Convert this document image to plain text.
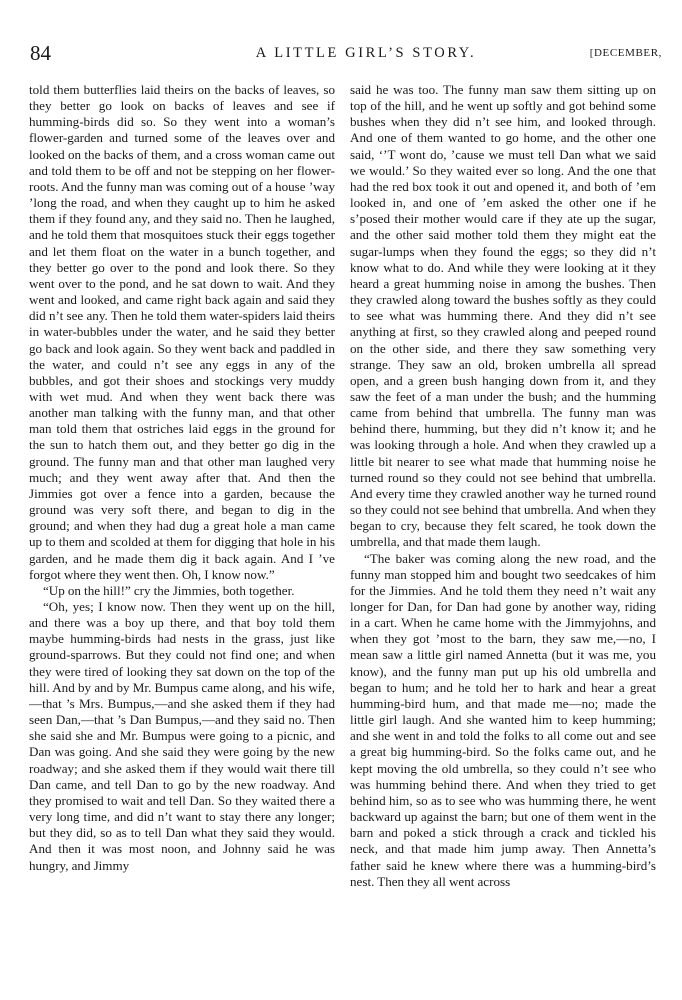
84	A LITTLE GIRL’S STORY.	[DECEMBER,

told them butterflies laid theirs on the backs of leaves, so they better go look on backs of leaves and see if humming-birds did so. So they went into a woman’s flower-garden and turned some of the leaves over and looked on the backs of them, and a cross woman came out and told them to be off and not be stepping on her flower-roots. And the funny man was coming out of a house ’way ’long the road, and when they caught up to him he asked them if they found any, and they said no. Then he laughed, and he told them that mosquitoes stuck their eggs together and let them float on the water in a bunch together, and they better go over to the pond and look there. So they went over to the pond, and he sat down to wait. And they went and looked, and came right back again and said they did n’t see any. Then he told them water-spiders laid theirs in water-bubbles under the water, and he said they better go back and look again. So they went back and paddled in the water, and could n’t see any eggs in any of the bubbles, and got their shoes and stockings very muddy with wet mud. And when they went back there was another man talking with the funny man, and that other man told them that ostriches laid eggs in the ground for the sun to hatch them out, and they better go dig in the ground. The funny man and that other man laughed very much; and they went away after that. And then the Jimmies got over a fence into a garden, because the ground was very soft there, and began to dig in the ground; and when they had dug a great hole a man came up to them and scolded at them for digging that hole in his garden, and he made them dig it back again. And I ’ve forgot where they went then. Oh, I know now.”

“Up on the hill!” cry the Jimmies, both together.

“Oh, yes; I know now. Then they went up on the hill, and there was a boy up there, and that boy told them maybe humming-birds had nests in the grass, just like ground-sparrows. But they could not find one; and when they were tired of looking they sat down on the top of the hill. And by and by Mr. Bumpus came along, and his wife,—that ’s Mrs. Bumpus,—and she asked them if they had seen Dan,—that ’s Dan Bumpus,—and they said no. Then she said she and Mr. Bumpus were going to a picnic, and Dan was going. And she said they were going by the new roadway; and she asked them if they would wait there till Dan came, and tell Dan to go by the new roadway. And they promised to wait and tell Dan. So they waited there a very long time, and did n’t want to stay there any longer; but they did, so as to tell Dan what they said they would. And then it was most noon, and Johnny said he was hungry, and Jimmy

said he was too. The funny man saw them sitting up on top of the hill, and he went up softly and got behind some bushes when they did n’t see him, and looked through. And one of them wanted to go home, and the other one said, ‘’T wont do, ’cause we must tell Dan what we said we would.’ So they waited ever so long. And the one that had the red box took it out and opened it, and both of ’em looked in, and one of ’em asked the other one if he s’posed their mother would care if they ate up the sugar, and the other said mother told them they might eat the sugar-lumps when they found the eggs; so they did n’t know what to do. And while they were looking at it they heard a great humming noise in among the bushes. Then they crawled along toward the bushes softly as they could to see what was humming there. And they did n’t see anything at first, so they crawled along and peeped round on the other side, and there they saw something very strange. They saw an old, broken umbrella all spread open, and a green bush hanging down from it, and they saw the feet of a man under the bush; and the humming came from behind that umbrella. The funny man was behind there, humming, but they did n’t know it; and he was looking through a hole. And when they crawled up a little bit nearer to see what made that humming noise he turned round so they could not see behind that umbrella. And every time they crawled another way he turned round so they could not see behind that umbrella. And when they began to cry, because they felt scared, he took down the umbrella, and that made them laugh.

“The baker was coming along the new road, and the funny man stopped him and bought two seedcakes of him for the Jimmies. And he told them they need n’t wait any longer for Dan, for Dan had gone by another way, riding in a cart. When he came home with the Jimmyjohns, and when they got ’most to the barn, they saw me,—no, I mean saw a little girl named Annetta (but it was me, you know), and the funny man put up his old umbrella and began to hum; and he told her to hark and hear a great humming-bird hum, and that made me—no; made the little girl laugh. And she wanted him to keep humming; and she went in and told the folks to all come out and see a great big humming-bird. So the folks came out, and he kept moving the old umbrella, so they could n’t see who was humming behind there. And when they tried to get behind him, so as to see who was humming there, he went backward up against the barn; but one of them went in the barn and poked a stick through a crack and tickled his neck, and that made him jump away. Then Annetta’s father said he knew where there was a humming-bird’s nest. Then they all went across
